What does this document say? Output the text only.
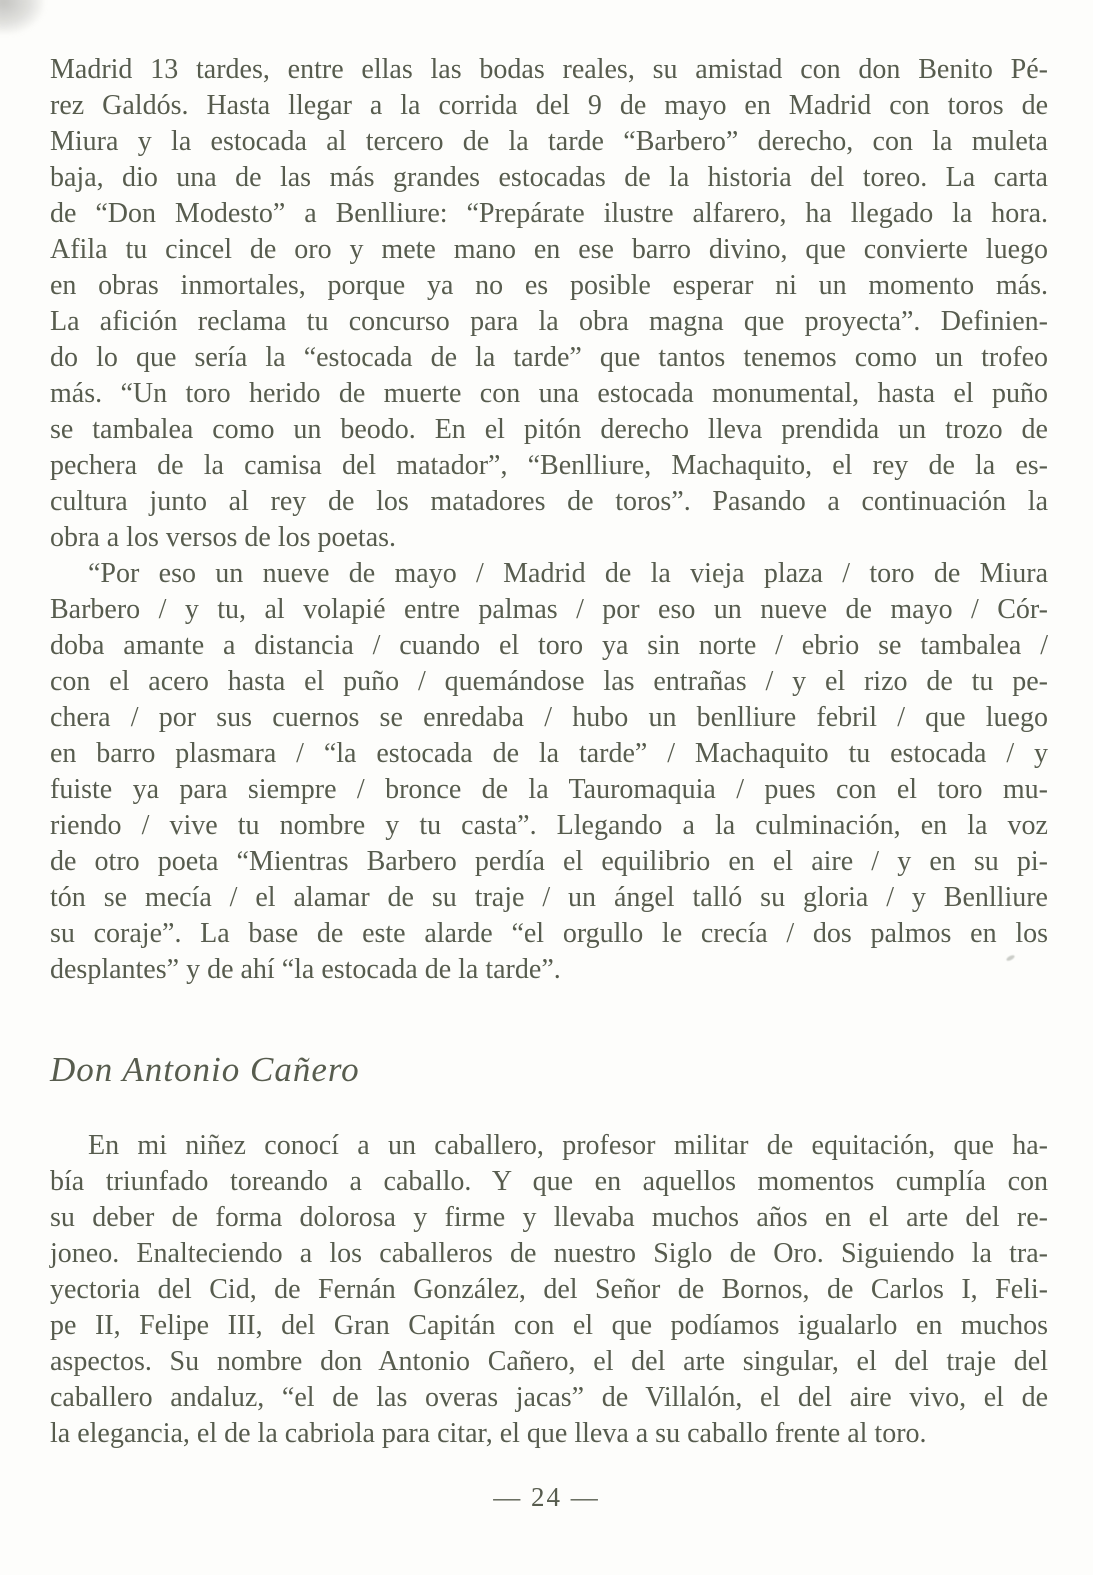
Madrid 13 tardes, entre ellas las bodas reales, su amistad con don Benito Pé-
rez Galdós. Hasta llegar a la corrida del 9 de mayo en Madrid con toros de
Miura y la estocada al tercero de la tarde “Barbero” derecho, con la muleta
baja, dio una de las más grandes estocadas de la historia del toreo. La carta
de “Don Modesto” a Benlliure: “Prepárate ilustre alfarero, ha llegado la hora.
Afila tu cincel de oro y mete mano en ese barro divino, que convierte luego
en obras inmortales, porque ya no es posible esperar ni un momento más.
La afición reclama tu concurso para la obra magna que proyecta”. Definien-
do lo que sería la “estocada de la tarde” que tantos tenemos como un trofeo
más. “Un toro herido de muerte con una estocada monumental, hasta el puño
se tambalea como un beodo. En el pitón derecho lleva prendida un trozo de
pechera de la camisa del matador”, “Benlliure, Machaquito, el rey de la es-
cultura junto al rey de los matadores de toros”. Pasando a continuación la
obra a los versos de los poetas.
“Por eso un nueve de mayo / Madrid de la vieja plaza / toro de Miura
Barbero / y tu, al volapié entre palmas / por eso un nueve de mayo / Cór-
doba amante a distancia / cuando el toro ya sin norte / ebrio se tambalea /
con el acero hasta el puño / quemándose las entrañas / y el rizo de tu pe-
chera / por sus cuernos se enredaba / hubo un benlliure febril / que luego
en barro plasmara / “la estocada de la tarde” / Machaquito tu estocada / y
fuiste ya para siempre / bronce de la Tauromaquia / pues con el toro mu-
riendo / vive tu nombre y tu casta”. Llegando a la culminación, en la voz
de otro poeta “Mientras Barbero perdía el equilibrio en el aire / y en su pi-
tón se mecía / el alamar de su traje / un ángel talló su gloria / y Benlliure
su coraje”. La base de este alarde “el orgullo le crecía / dos palmos en los
desplantes” y de ahí “la estocada de la tarde”.
Don Antonio Cañero
En mi niñez conocí a un caballero, profesor militar de equitación, que ha-
bía triunfado toreando a caballo. Y que en aquellos momentos cumplía con
su deber de forma dolorosa y firme y llevaba muchos años en el arte del re-
joneo. Enalteciendo a los caballeros de nuestro Siglo de Oro. Siguiendo la tra-
yectoria del Cid, de Fernán González, del Señor de Bornos, de Carlos I, Feli-
pe II, Felipe III, del Gran Capitán con el que podíamos igualarlo en muchos
aspectos. Su nombre don Antonio Cañero, el del arte singular, el del traje del
caballero andaluz, “el de las overas jacas” de Villalón, el del aire vivo, el de
la elegancia, el de la cabriola para citar, el que lleva a su caballo frente al toro.
— 24 —
